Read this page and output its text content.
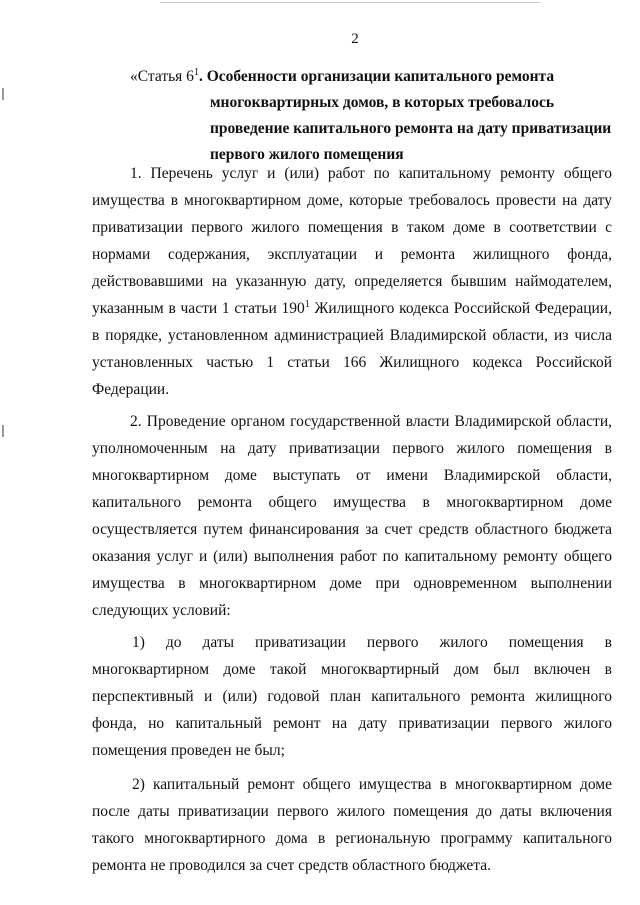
2
«Статья $6^1$. Особенности организации капитального ремонта
многоквартирных домов, в которых требовалось
проведение капитального ремонта на дату приватизации
первого жилого помещения

1. Перечень услуг и (или) работ по капитальному ремонту общего имущества в многоквартирном доме, которые требовалось провести на дату приватизации первого жилого помещения в таком доме в соответствии с нормами содержания, эксплуатации и ремонта жилищного фонда, действовавшими на указанную дату, определяется бывшим наймодателем, указанным в части 1 статьи $190^1$ Жилищного кодекса Российской Федерации, в порядке, установленном администрацией Владимирской области, из числа установленных частью 1 статьи 166 Жилищного кодекса Российской Федерации.

2. Проведение органом государственной власти Владимирской области, уполномоченным на дату приватизации первого жилого помещения в многоквартирном доме выступать от имени Владимирской области, капитального ремонта общего имущества в многоквартирном доме осуществляется путем финансирования за счет средств областного бюджета оказания услуг и (или) выполнения работ по капитальному ремонту общего имущества в многоквартирном доме при одновременном выполнении следующих условий:

1) до даты приватизации первого жилого помещения в многоквартирном доме такой многоквартирный дом был включен в перспективный и (или) годовой план капитального ремонта жилищного фонда, но капитальный ремонт на дату приватизации первого жилого помещения проведен не был;

2) капитальный ремонт общего имущества в многоквартирном доме после даты приватизации первого жилого помещения до даты включения такого многоквартирного дома в региональную программу капитального ремонта не проводился за счет средств областного бюджета.
